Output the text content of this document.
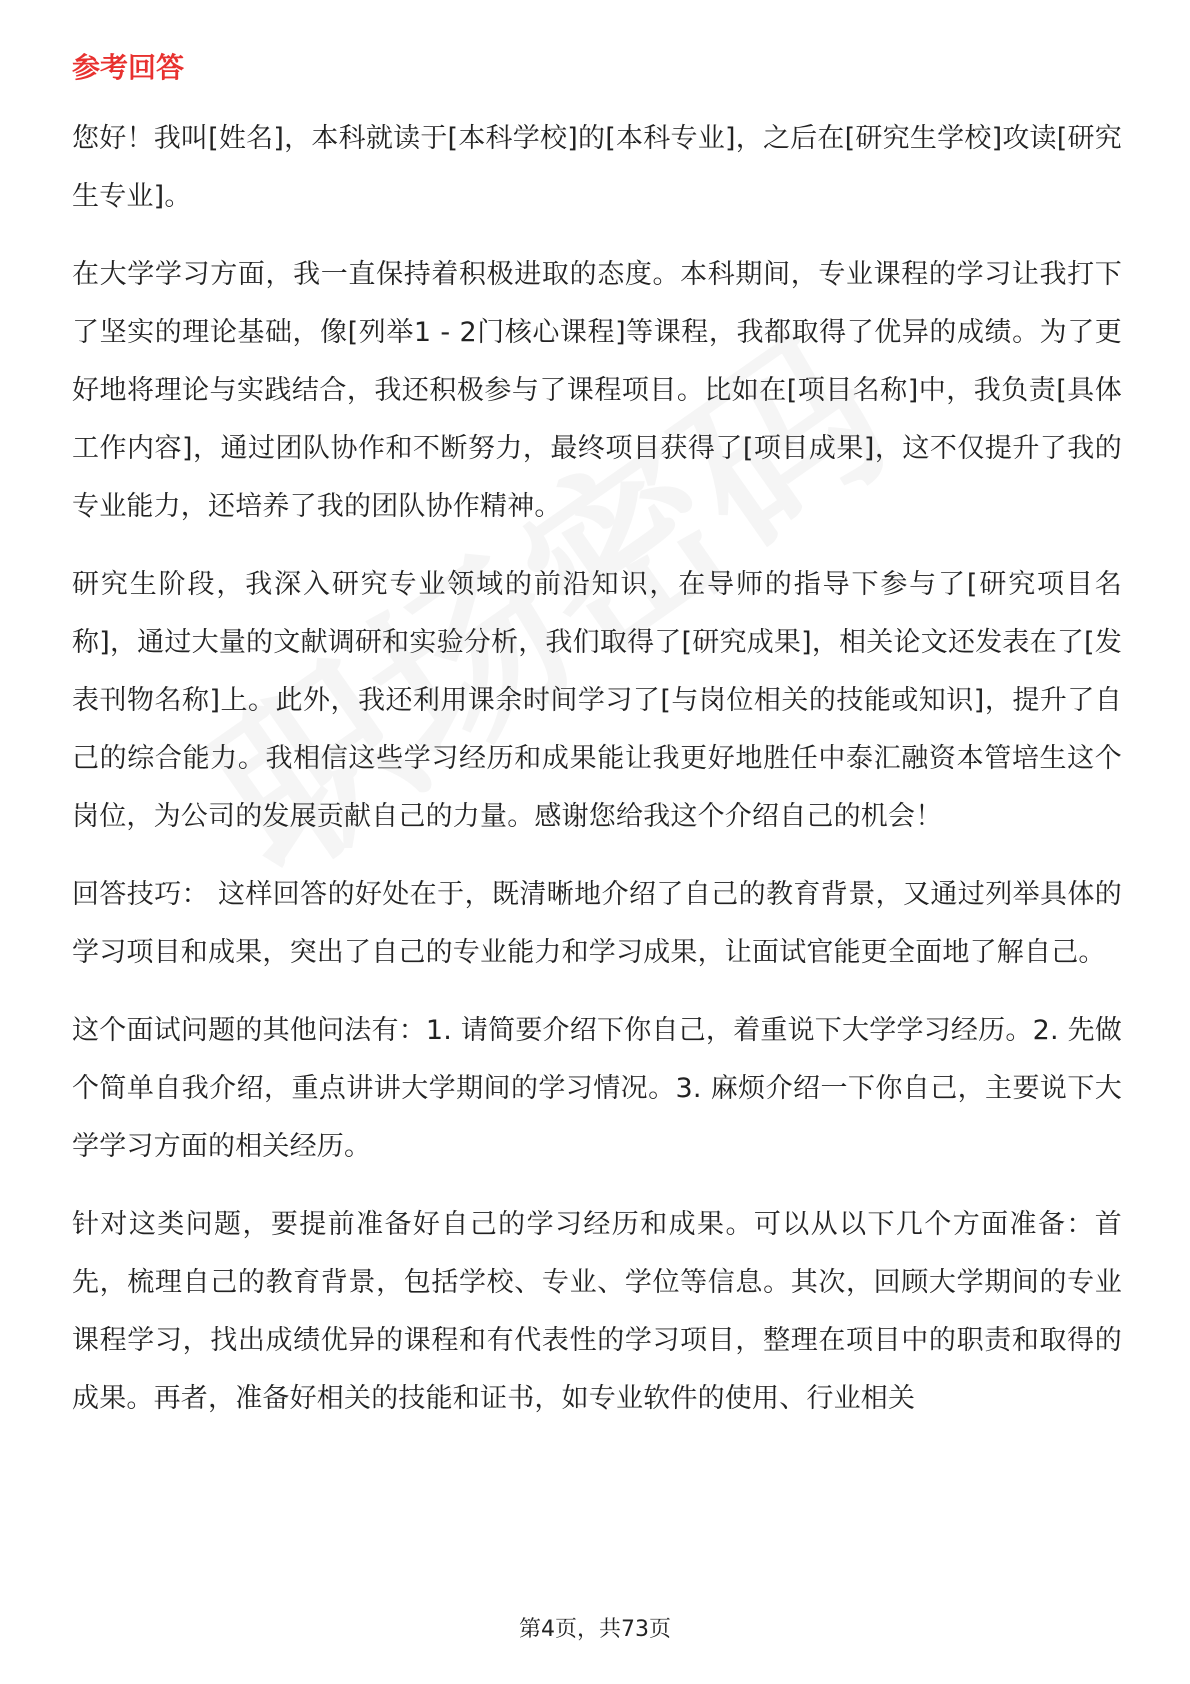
参考回答

您好！我叫[姓名]，本科就读于[本科学校]的[本科专业]，之后在[研究生学校]攻读[研究生专业]。

在大学学习方面，我一直保持着积极进取的态度。本科期间，专业课程的学习让我打下了坚实的理论基础，像[列举1 - 2门核心课程]等课程，我都取得了优异的成绩。为了更好地将理论与实践结合，我还积极参与了课程项目。比如在[项目名称]中，我负责[具体工作内容]，通过团队协作和不断努力，最终项目获得了[项目成果]，这不仅提升了我的专业能力，还培养了我的团队协作精神。

研究生阶段，我深入研究专业领域的前沿知识，在导师的指导下参与了[研究项目名称]，通过大量的文献调研和实验分析，我们取得了[研究成果]，相关论文还发表在了[发表刊物名称]上。此外，我还利用课余时间学习了[与岗位相关的技能或知识]，提升了自己的综合能力。我相信这些学习经历和成果能让我更好地胜任中泰汇融资本管培生这个岗位，为公司的发展贡献自己的力量。感谢您给我这个介绍自己的机会！

回答技巧： 这样回答的好处在于，既清晰地介绍了自己的教育背景，又通过列举具体的学习项目和成果，突出了自己的专业能力和学习成果，让面试官能更全面地了解自己。

这个面试问题的其他问法有：1. 请简要介绍下你自己，着重说下大学学习经历。2. 先做个简单自我介绍，重点讲讲大学期间的学习情况。3. 麻烦介绍一下你自己，主要说下大学学习方面的相关经历。

针对这类问题，要提前准备好自己的学习经历和成果。可以从以下几个方面准备：首先，梳理自己的教育背景，包括学校、专业、学位等信息。其次，回顾大学期间的专业课程学习，找出成绩优异的课程和有代表性的学习项目，整理在项目中的职责和取得的成果。再者，准备好相关的技能和证书，如专业软件的使用、行业相关

第4页，共73页
